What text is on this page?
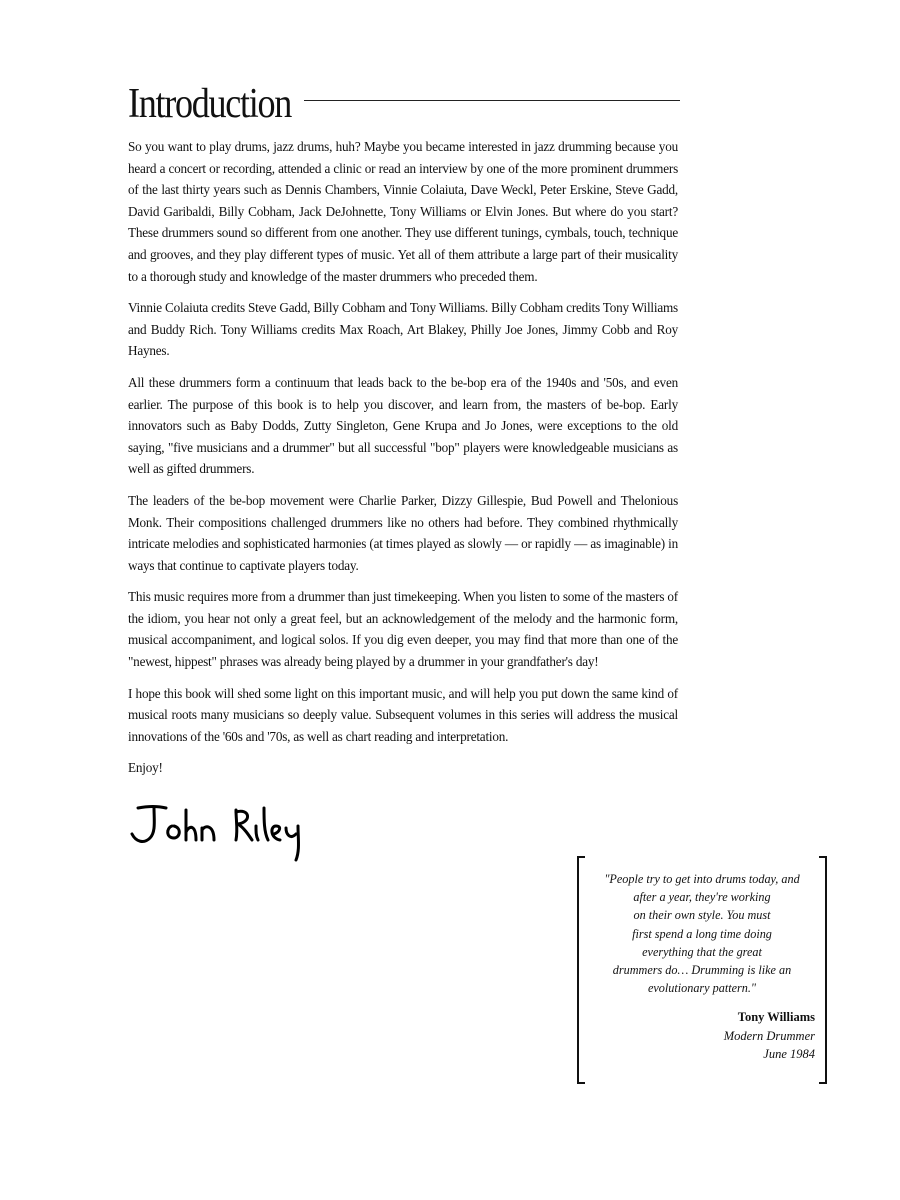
Introduction

So you want to play drums, jazz drums, huh? Maybe you became interested in jazz drumming because you heard a concert or recording, attended a clinic or read an interview by one of the more prominent drummers of the last thirty years such as Dennis Chambers, Vinnie Colaiuta, Dave Weckl, Peter Erskine, Steve Gadd, David Garibaldi, Billy Cobham, Jack DeJohnette, Tony Williams or Elvin Jones. But where do you start? These drummers sound so different from one another. They use different tunings, cymbals, touch, technique and grooves, and they play different types of music. Yet all of them attribute a large part of their musicality to a thorough study and knowledge of the master drummers who preceded them.

Vinnie Colaiuta credits Steve Gadd, Billy Cobham and Tony Williams. Billy Cobham credits Tony Williams and Buddy Rich. Tony Williams credits Max Roach, Art Blakey, Philly Joe Jones, Jimmy Cobb and Roy Haynes.

All these drummers form a continuum that leads back to the be-bop era of the 1940s and '50s, and even earlier. The purpose of this book is to help you discover, and learn from, the masters of be-bop. Early innovators such as Baby Dodds, Zutty Singleton, Gene Krupa and Jo Jones, were exceptions to the old saying, "five musicians and a drummer" but all successful "bop" players were knowledgeable musicians as well as gifted drummers.

The leaders of the be-bop movement were Charlie Parker, Dizzy Gillespie, Bud Powell and Thelonious Monk. Their compositions challenged drummers like no others had before. They combined rhythmically intricate melodies and sophisticated harmonies (at times played as slowly — or rapidly — as imaginable) in ways that continue to captivate players today.

This music requires more from a drummer than just timekeeping. When you listen to some of the masters of the idiom, you hear not only a great feel, but an acknowledgement of the melody and the harmonic form, musical accompaniment, and logical solos. If you dig even deeper, you may find that more than one of the "newest, hippest" phrases was already being played by a drummer in your grandfather's day!

I hope this book will shed some light on this important music, and will help you put down the same kind of musical roots many musicians so deeply value. Subsequent volumes in this series will address the musical innovations of the '60s and '70s, as well as chart reading and interpretation.

Enjoy!

"People try to get into drums today, and
after a year, they're working
on their own style. You must
first spend a long time doing
everything that the great
drummers do… Drumming is like an
evolutionary pattern."

Tony Williams
Modern Drummer
June 1984
